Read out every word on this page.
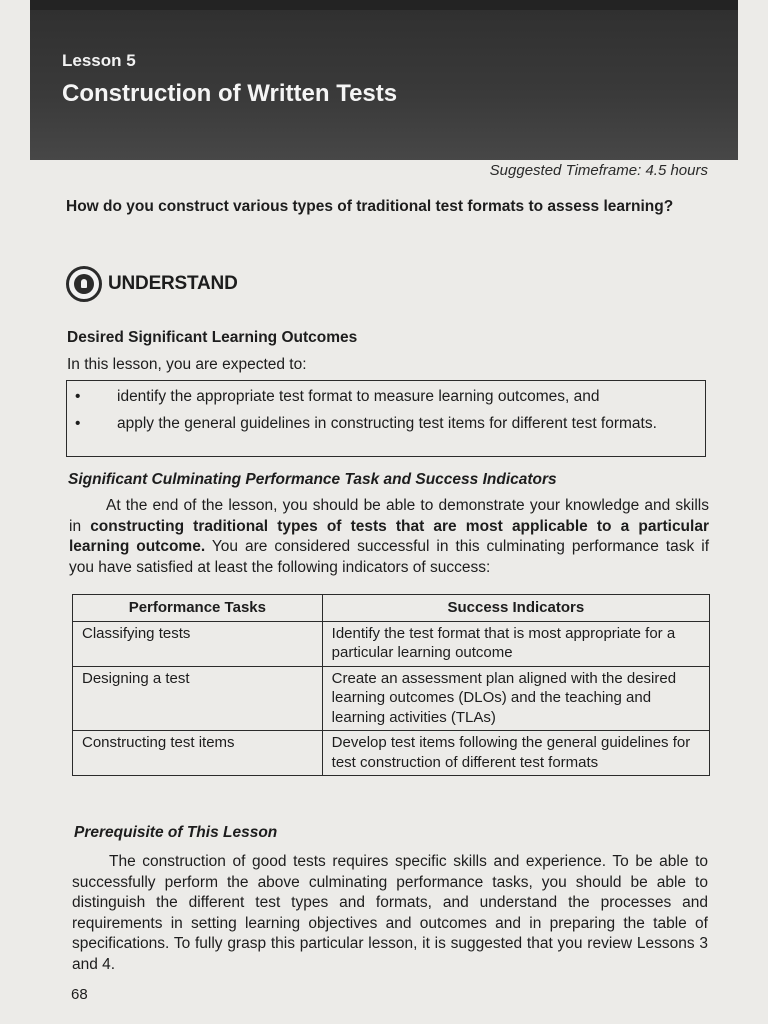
Lesson 5
Construction of Written Tests
Suggested Timeframe: 4.5 hours
How do you construct various types of traditional test formats to assess learning?
UNDERSTAND
Desired Significant Learning Outcomes
In this lesson, you are expected to:
• identify the appropriate test format to measure learning outcomes, and
• apply the general guidelines in constructing test items for different test formats.
Significant Culminating Performance Task and Success Indicators
At the end of the lesson, you should be able to demonstrate your knowledge and skills in constructing traditional types of tests that are most applicable to a particular learning outcome. You are considered successful in this culminating performance task if you have satisfied at least the following indicators of success:
Performance Tasks	Success Indicators
Classifying tests	Identify the test format that is most appropriate for a particular learning outcome
Designing a test	Create an assessment plan aligned with the desired learning outcomes (DLOs) and the teaching and learning activities (TLAs)
Constructing test items	Develop test items following the general guidelines for test construction of different test formats
Prerequisite of This Lesson
The construction of good tests requires specific skills and experience. To be able to successfully perform the above culminating performance tasks, you should be able to distinguish the different test types and formats, and understand the processes and requirements in setting learning objectives and outcomes and in preparing the table of specifications. To fully grasp this particular lesson, it is suggested that you review Lessons 3 and 4.
68
